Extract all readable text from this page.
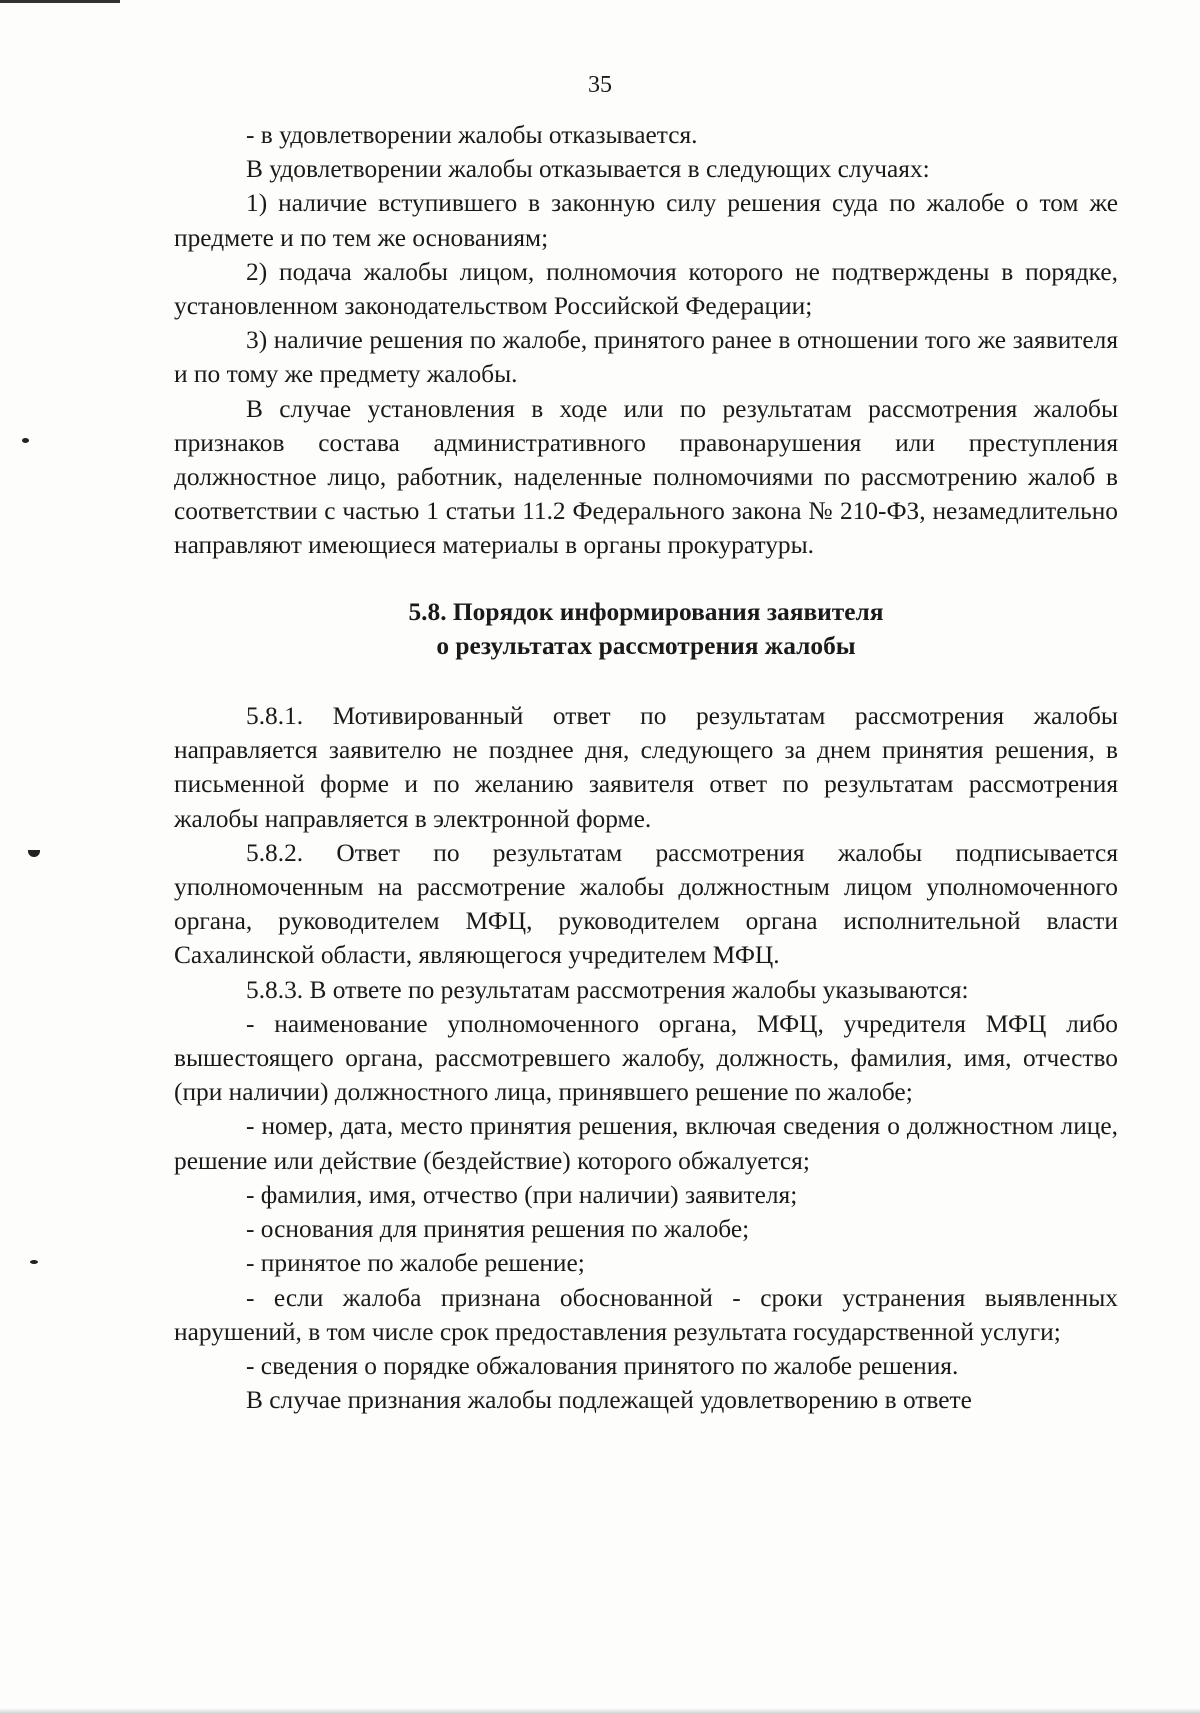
35

- в удовлетворении жалобы отказывается.

В удовлетворении жалобы отказывается в следующих случаях:

1) наличие вступившего в законную силу решения суда по жалобе о том же предмете и по тем же основаниям;

2) подача жалобы лицом, полномочия которого не подтверждены в порядке, установленном законодательством Российской Федерации;

3) наличие решения по жалобе, принятого ранее в отношении того же заявителя и по тому же предмету жалобы.

В случае установления в ходе или по результатам рассмотрения жалобы признаков состава административного правонарушения или преступления должностное лицо, работник, наделенные полномочиями по рассмотрению жалоб в соответствии с частью 1 статьи 11.2 Федерального закона № 210-ФЗ, незамедлительно направляют имеющиеся материалы в органы прокуратуры.

5.8. Порядок информирования заявителя
о результатах рассмотрения жалобы

5.8.1. Мотивированный ответ по результатам рассмотрения жалобы направляется заявителю не позднее дня, следующего за днем принятия решения, в письменной форме и по желанию заявителя ответ по результатам рассмотрения жалобы направляется в электронной форме.

5.8.2. Ответ по результатам рассмотрения жалобы подписывается уполномоченным на рассмотрение жалобы должностным лицом уполномоченного органа, руководителем МФЦ, руководителем органа исполнительной власти Сахалинской области, являющегося учредителем МФЦ.

5.8.3. В ответе по результатам рассмотрения жалобы указываются:

- наименование уполномоченного органа, МФЦ, учредителя МФЦ либо вышестоящего органа, рассмотревшего жалобу, должность, фамилия, имя, отчество (при наличии) должностного лица, принявшего решение по жалобе;

- номер, дата, место принятия решения, включая сведения о должностном лице, решение или действие (бездействие) которого обжалуется;

- фамилия, имя, отчество (при наличии) заявителя;

- основания для принятия решения по жалобе;

- принятое по жалобе решение;

- если жалоба признана обоснованной - сроки устранения выявленных нарушений, в том числе срок предоставления результата государственной услуги;

- сведения о порядке обжалования принятого по жалобе решения.

В случае признания жалобы подлежащей удовлетворению в ответе
